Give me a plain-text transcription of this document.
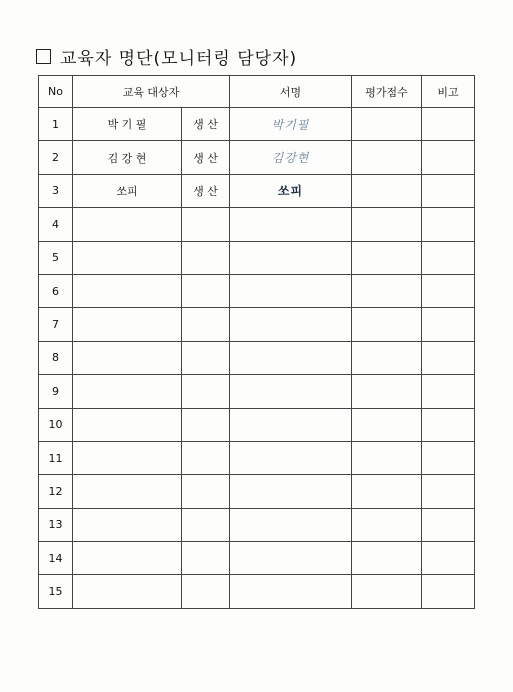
교육자 명단(모니터링 담당자)
No	교육 대상자		서명	평가점수	비고
1	박 기 필	생 산	박기필		
2	김 강 현	생 산	김강현		
3	쏘피	생 산	쏘피		
4					
5					
6					
7					
8					
9					
10					
11					
12					
13					
14					
15					
